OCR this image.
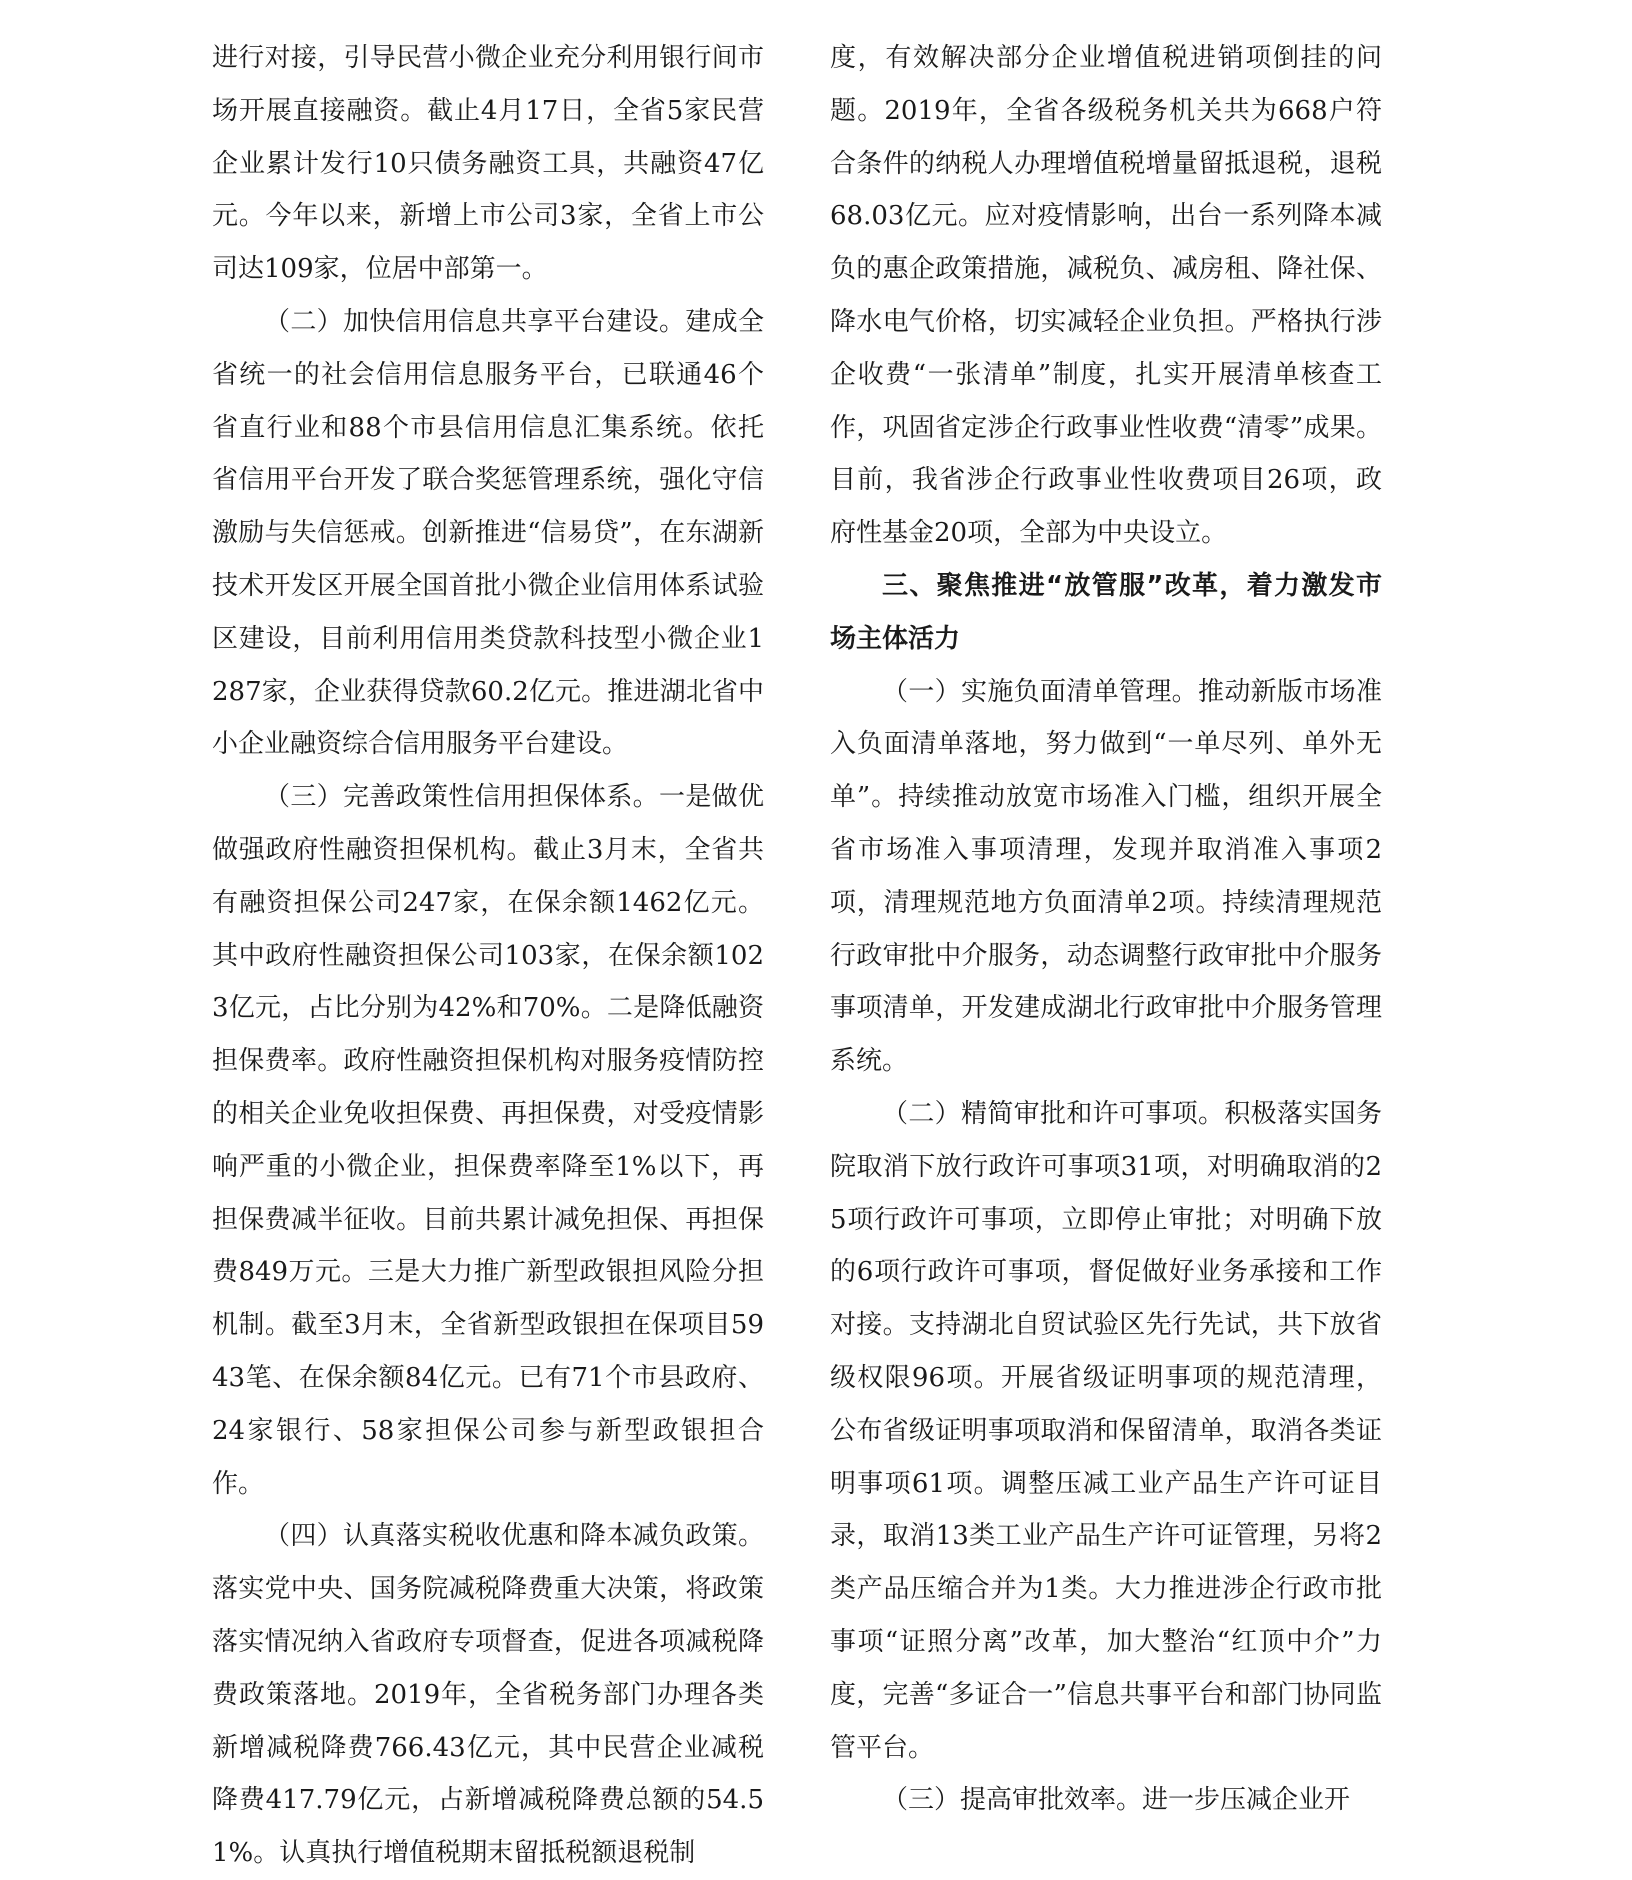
进行对接，引导民营小微企业充分利用银行间市场开展直接融资。截止4月17日，全省5家民营企业累计发行10只债务融资工具，共融资47亿元。今年以来，新增上市公司3家，全省上市公司达109家，位居中部第一。

（二）加快信用信息共享平台建设。建成全省统一的社会信用信息服务平台，已联通46个省直行业和88个市县信用信息汇集系统。依托省信用平台开发了联合奖惩管理系统，强化守信激励与失信惩戒。创新推进“信易贷”，在东湖新技术开发区开展全国首批小微企业信用体系试验区建设，目前利用信用类贷款科技型小微企业1287家，企业获得贷款60.2亿元。推进湖北省中小企业融资综合信用服务平台建设。

（三）完善政策性信用担保体系。一是做优做强政府性融资担保机构。截止3月末，全省共有融资担保公司247家，在保余额1462亿元。其中政府性融资担保公司103家，在保余额1023亿元，占比分别为42%和70%。二是降低融资担保费率。政府性融资担保机构对服务疫情防控的相关企业免收担保费、再担保费，对受疫情影响严重的小微企业，担保费率降至1%以下，再担保费减半征收。目前共累计减免担保、再担保费849万元。三是大力推广新型政银担风险分担机制。截至3月末，全省新型政银担在保项目5943笔、在保余额84亿元。已有71个市县政府、24家银行、58家担保公司参与新型政银担合作。

（四）认真落实税收优惠和降本减负政策。落实党中央、国务院减税降费重大决策，将政策落实情况纳入省政府专项督查，促进各项减税降费政策落地。2019年，全省税务部门办理各类新增减税降费766.43亿元，其中民营企业减税降费417.79亿元，占新增减税降费总额的54.51%。认真执行增值税期末留抵税额退税制

度，有效解决部分企业增值税进销项倒挂的问题。2019年，全省各级税务机关共为668户符合条件的纳税人办理增值税增量留抵退税，退税68.03亿元。应对疫情影响，出台一系列降本减负的惠企政策措施，减税负、减房租、降社保、降水电气价格，切实减轻企业负担。严格执行涉企收费“一张清单”制度，扎实开展清单核查工作，巩固省定涉企行政事业性收费“清零”成果。目前，我省涉企行政事业性收费项目26项，政府性基金20项，全部为中央设立。

三、聚焦推进“放管服”改革，着力激发市场主体活力

（一）实施负面清单管理。推动新版市场准入负面清单落地，努力做到“一单尽列、单外无单”。持续推动放宽市场准入门槛，组织开展全省市场准入事项清理，发现并取消准入事项2项，清理规范地方负面清单2项。持续清理规范行政审批中介服务，动态调整行政审批中介服务事项清单，开发建成湖北行政审批中介服务管理系统。

（二）精简审批和许可事项。积极落实国务院取消下放行政许可事项31项，对明确取消的25项行政许可事项，立即停止审批；对明确下放的6项行政许可事项，督促做好业务承接和工作对接。支持湖北自贸试验区先行先试，共下放省级权限96项。开展省级证明事项的规范清理，公布省级证明事项取消和保留清单，取消各类证明事项61项。调整压减工业产品生产许可证目录，取消13类工业产品生产许可证管理，另将2类产品压缩合并为1类。大力推进涉企行政市批事项“证照分离”改革，加大整治“红顶中介”力度，完善“多证合一”信息共事平台和部门协同监管平台。

（三）提高审批效率。进一步压减企业开
